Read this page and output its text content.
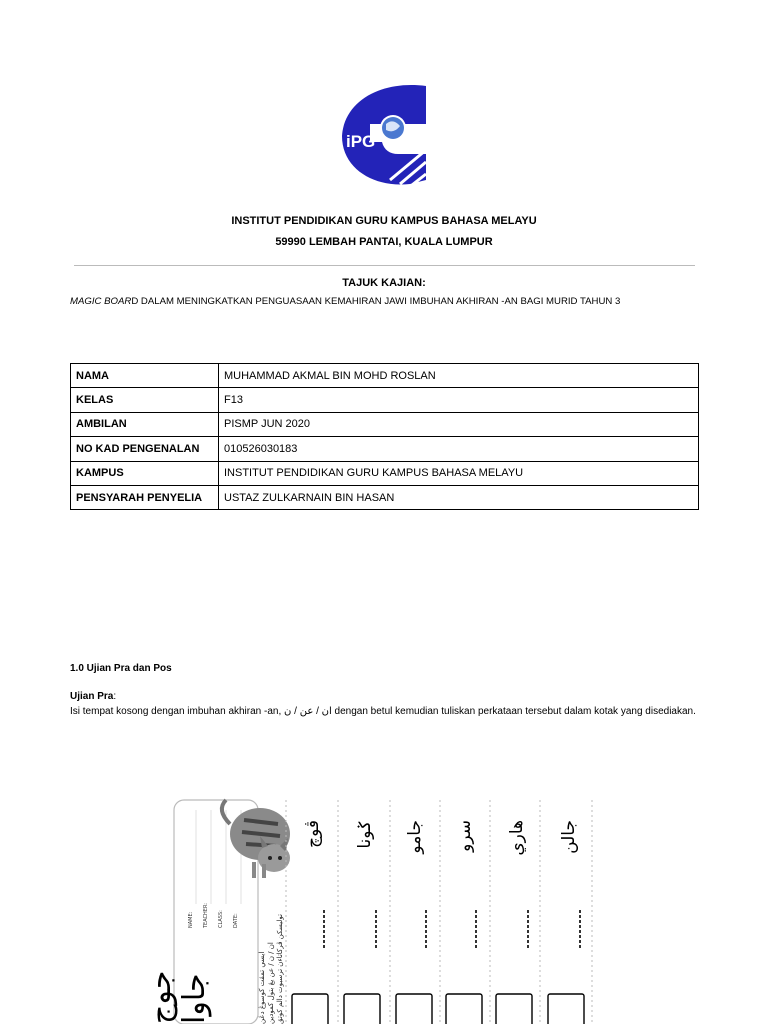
iPG
INSTITUT PENDIDIKAN GURU KAMPUS BAHASA MELAYU
59990 LEMBAH PANTAI, KUALA LUMPUR
TAJUK KAJIAN:
MAGIC BOARD DALAM MENINGKATKAN PENGUASAAN KEMAHIRAN JAWI IMBUHAN AKHIRAN -AN BAGI MURID TAHUN 3
NAMA	MUHAMMAD AKMAL BIN MOHD ROSLAN
KELAS	F13
AMBILAN	PISMP JUN 2020
NO KAD PENGENALAN	010526030183
KAMPUS	INSTITUT PENDIDIKAN GURU KAMPUS BAHASA MELAYU
PENSYARAH PENYELIA	USTAZ ZULKARNAIN BIN HASAN
1.0 Ujian Pra dan Pos
Ujian Pra:
Isi tempat kosong dengan imbuhan akhiran -an, ان / عن / ن dengan betul kemudian tuliskan perkataan tersebut dalam kotak yang disediakan.
NAME: TEACHER: CLASS: DATE:
جوج جاوا	ايسي تمڤت کوسوڠ دڠن ان / ن / عن يڠ بتول کمودين توليسکن ڤرکاتاءن ترسبوت دالم کوتق
ڤوچ ݢونا جامو سرو هاري جالن
